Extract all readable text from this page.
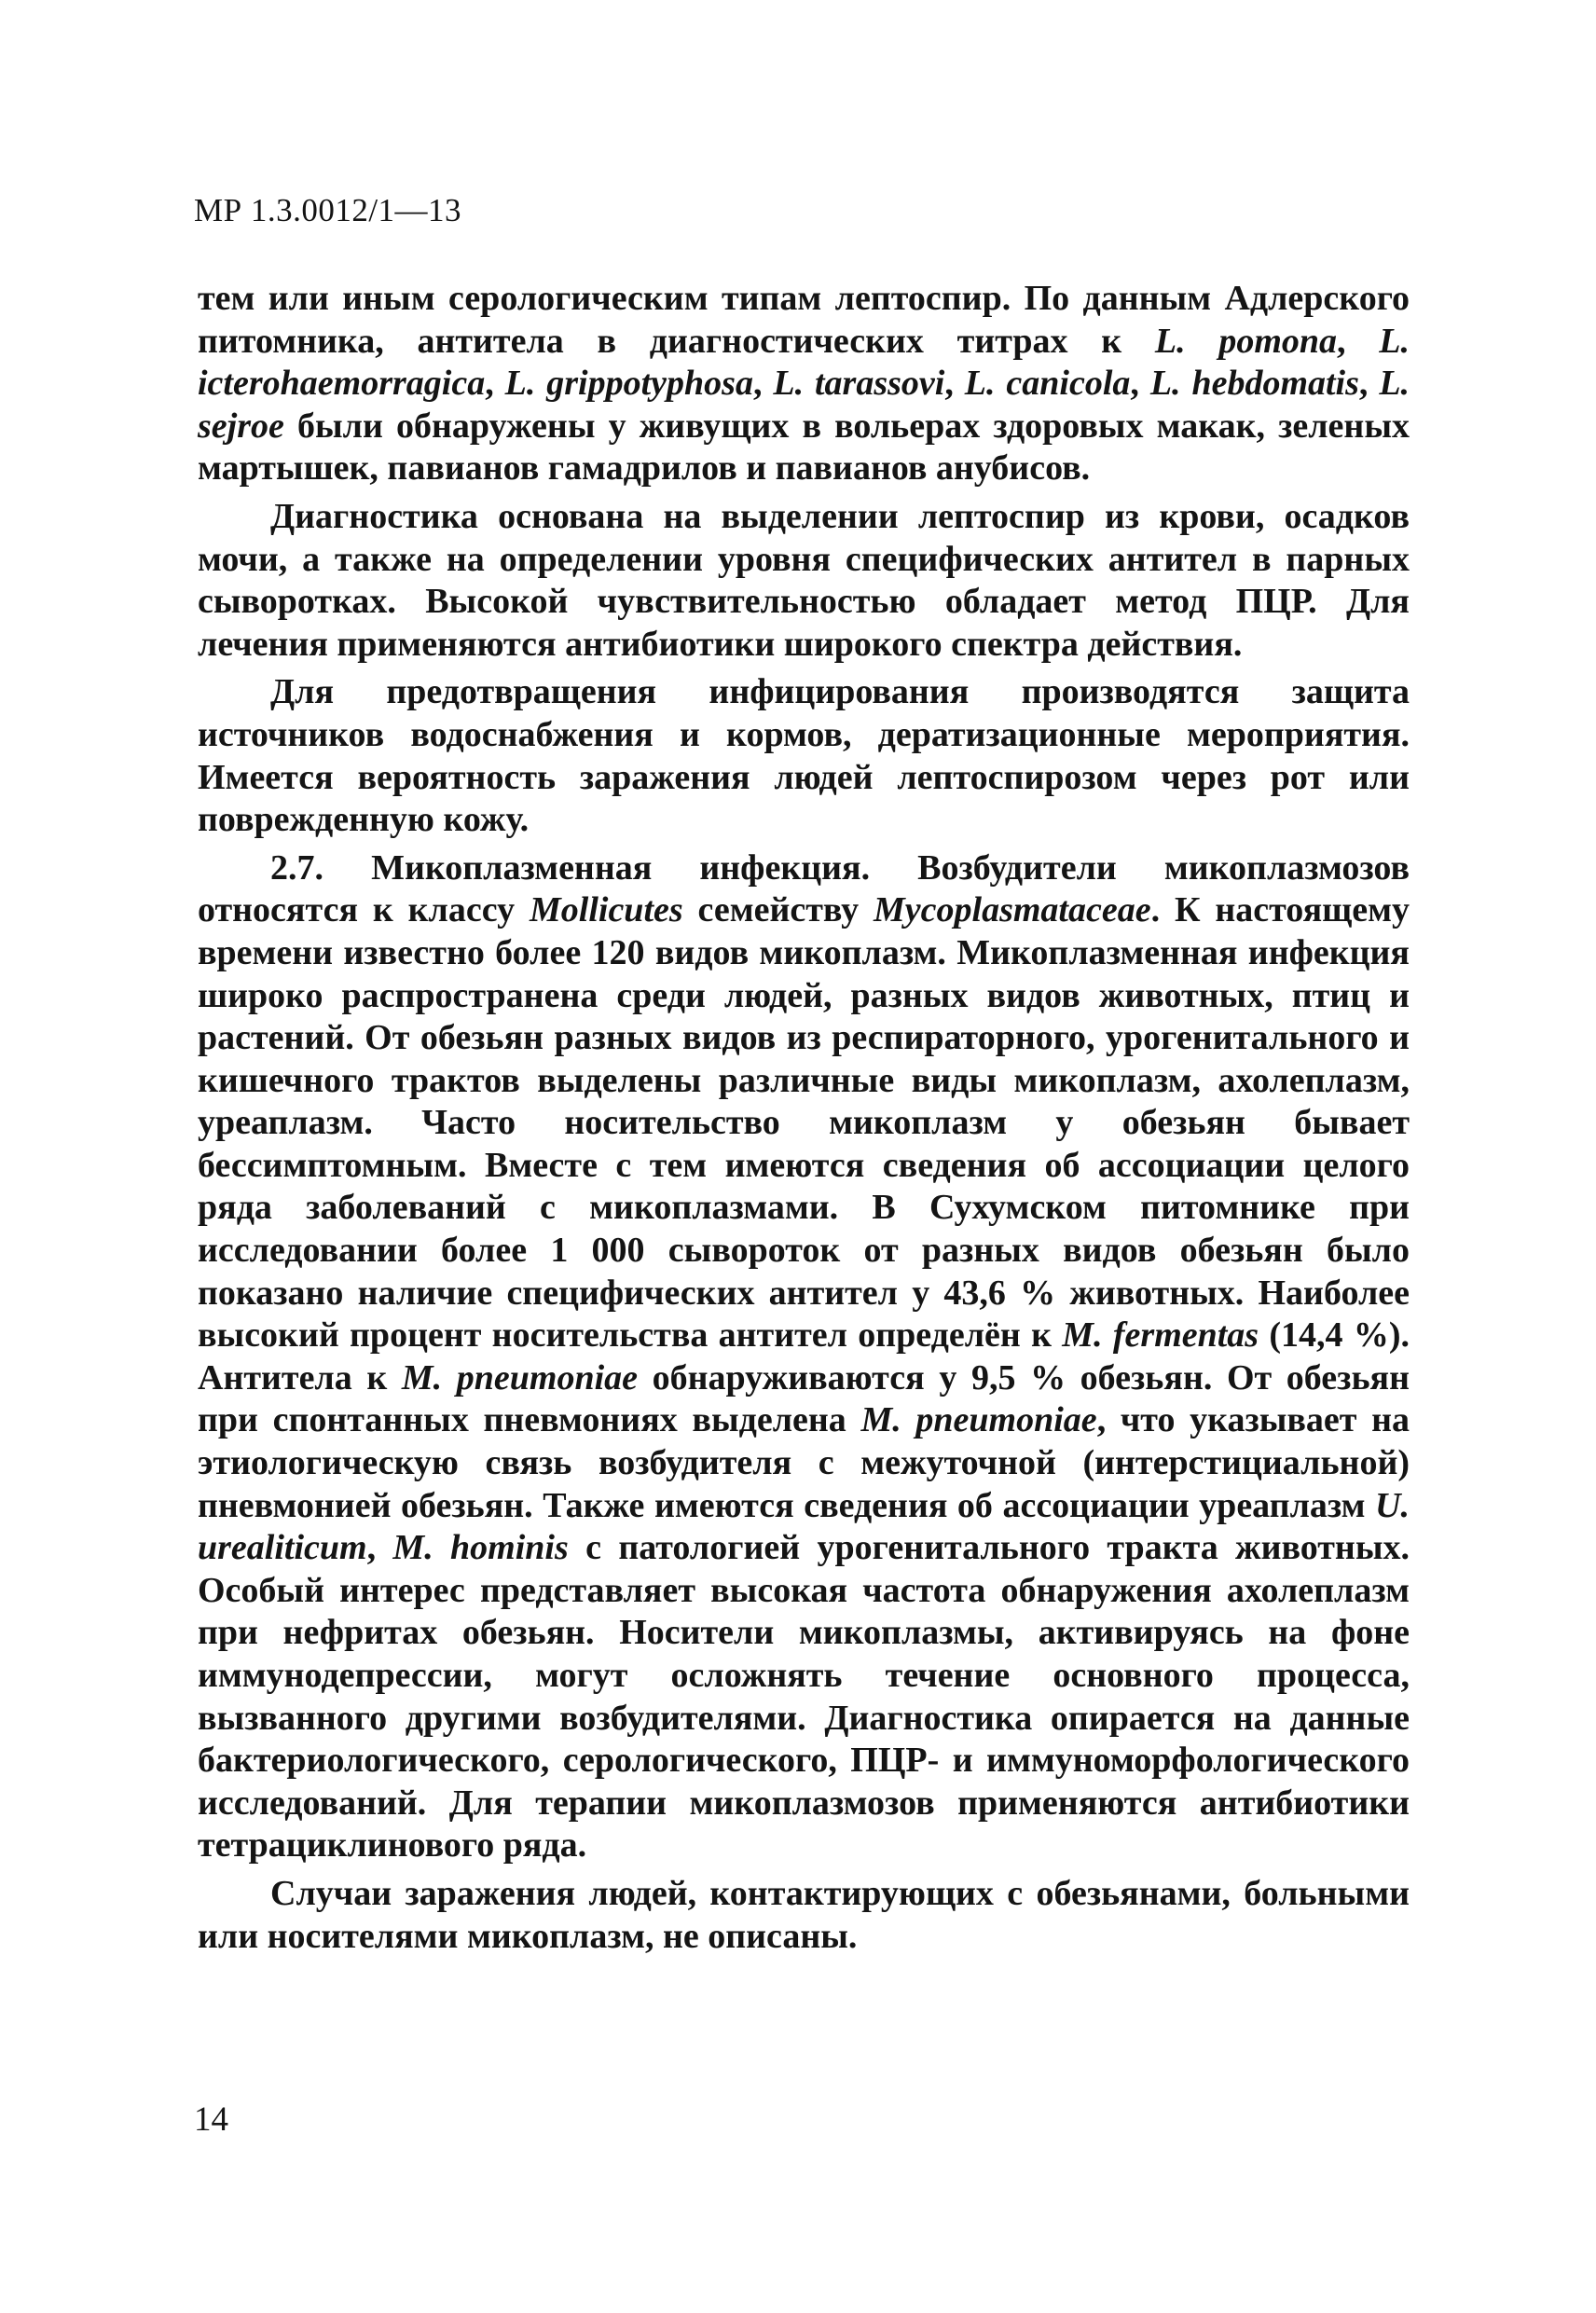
МР 1.3.0012/1—13

тем или иным серологическим типам лептоспир. По данным Адлерского питомника, антитела в диагностических титрах к L. pomona, L. icterohaemorragica, L. grippotyphosa, L. tarassovi, L. canicola, L. hebdomatis, L. sejroe были обнаружены у живущих в вольерах здоровых макак, зеленых мартышек, павианов гамадрилов и павианов анубисов.

Диагностика основана на выделении лептоспир из крови, осадков мочи, а также на определении уровня специфических антител в парных сыворотках. Высокой чувствительностью обладает метод ПЦР. Для лечения применяются антибиотики широкого спектра действия.

Для предотвращения инфицирования производятся защита источников водоснабжения и кормов, дератизационные мероприятия. Имеется вероятность заражения людей лептоспирозом через рот или поврежденную кожу.

2.7. Микоплазменная инфекция. Возбудители микоплазмозов относятся к классу Mollicutes семейству Mycoplasmataceae. К настоящему времени известно более 120 видов микоплазм. Микоплазменная инфекция широко распространена среди людей, разных видов животных, птиц и растений. От обезьян разных видов из респираторного, урогенитального и кишечного трактов выделены различные виды микоплазм, ахолеплазм, уреаплазм. Часто носительство микоплазм у обезьян бывает бессимптомным. Вместе с тем имеются сведения об ассоциации целого ряда заболеваний с микоплазмами. В Сухумском питомнике при исследовании более 1 000 сывороток от разных видов обезьян было показано наличие специфических антител у 43,6 % животных. Наиболее высокий процент носительства антител определён к M. fermentas (14,4 %). Антитела к M. pneumoniae обнаруживаются у 9,5 % обезьян. От обезьян при спонтанных пневмониях выделена M. pneumoniae, что указывает на этиологическую связь возбудителя с межуточной (интерстициальной) пневмонией обезьян. Также имеются сведения об ассоциации уреаплазм U. urealiticum, M. hominis с патологией урогенитального тракта животных. Особый интерес представляет высокая частота обнаружения ахолеплазм при нефритах обезьян. Носители микоплазмы, активируясь на фоне иммунодепрессии, могут осложнять течение основного процесса, вызванного другими возбудителями. Диагностика опирается на данные бактериологического, серологического, ПЦР- и иммуноморфологического исследований. Для терапии микоплазмозов применяются антибиотики тетрациклинового ряда.

Случаи заражения людей, контактирующих с обезьянами, больными или носителями микоплазм, не описаны.

14
